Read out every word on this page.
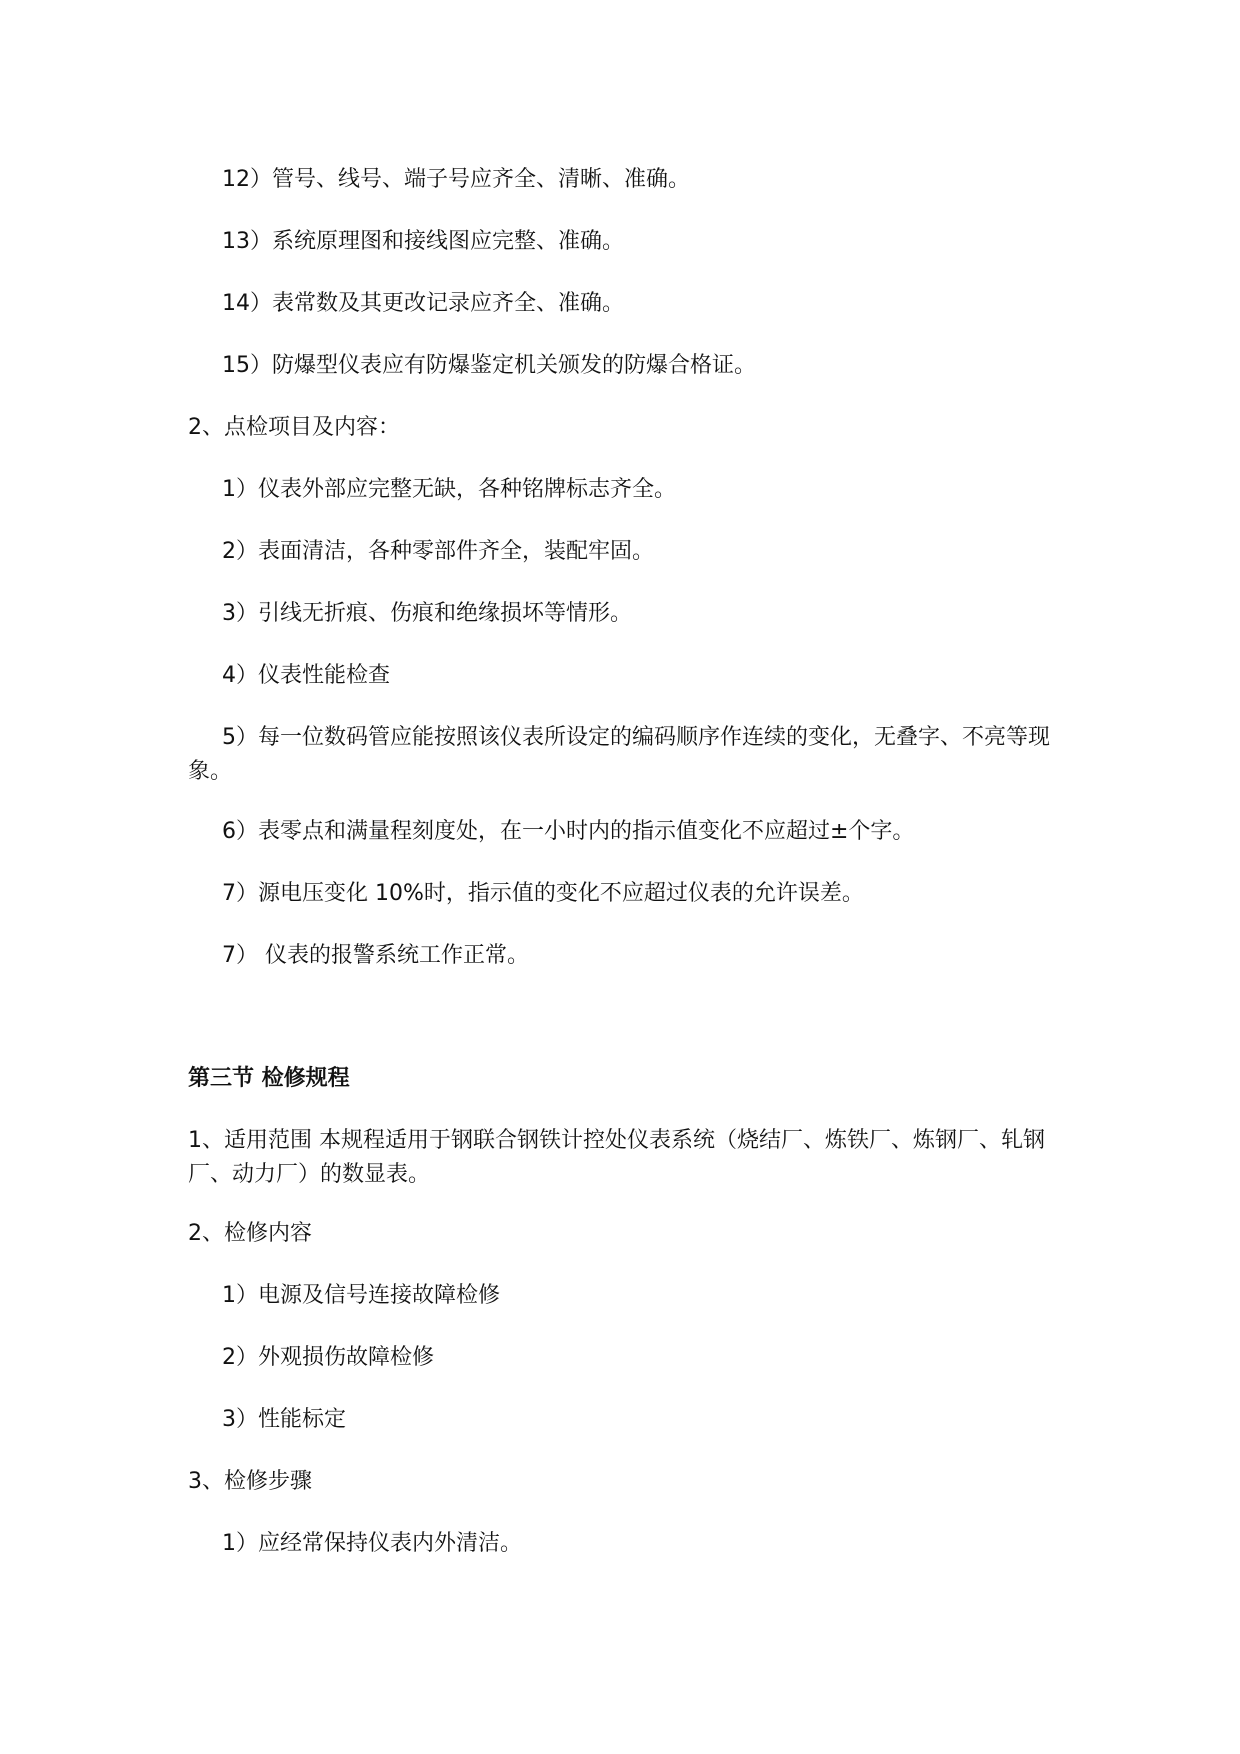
12）管号、线号、端子号应齐全、清晰、准确。
13）系统原理图和接线图应完整、准确。
14）表常数及其更改记录应齐全、准确。
15）防爆型仪表应有防爆鉴定机关颁发的防爆合格证。
2、点检项目及内容：
1）仪表外部应完整无缺，各种铭牌标志齐全。
2）表面清洁，各种零部件齐全，装配牢固。
3）引线无折痕、伤痕和绝缘损坏等情形。
4）仪表性能检查
5）每一位数码管应能按照该仪表所设定的编码顺序作连续的变化，无叠字、不亮等现象。
6）表零点和满量程刻度处，在一小时内的指示值变化不应超过±个字。
7）源电压变化 10%时，指示值的变化不应超过仪表的允许误差。
7） 仪表的报警系统工作正常。
第三节 检修规程
1、适用范围 本规程适用于钢联合钢铁计控处仪表系统（烧结厂、炼铁厂、炼钢厂、轧钢厂、动力厂）的数显表。
2、检修内容
1）电源及信号连接故障检修
2）外观损伤故障检修
3）性能标定
3、检修步骤
1）应经常保持仪表内外清洁。
